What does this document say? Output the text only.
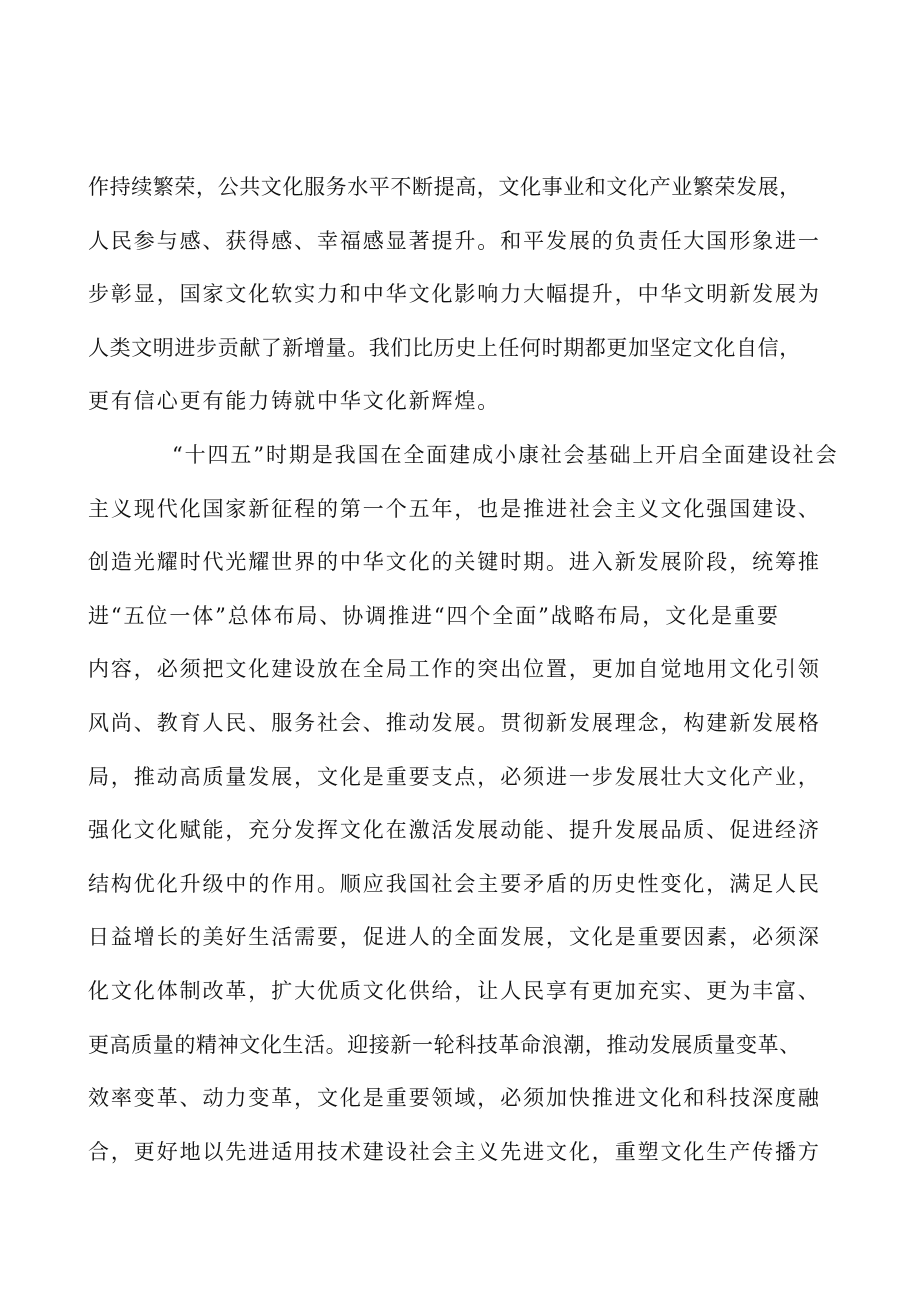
作持续繁荣，公共文化服务水平不断提高，文化事业和文化产业繁荣发展，
人民参与感、获得感、幸福感显著提升。和平发展的负责任大国形象进一
步彰显，国家文化软实力和中华文化影响力大幅提升，中华文明新发展为
人类文明进步贡献了新增量。我们比历史上任何时期都更加坚定文化自信，
更有信心更有能力铸就中华文化新辉煌。
“十四五”时期是我国在全面建成小康社会基础上开启全面建设社会
主义现代化国家新征程的第一个五年，也是推进社会主义文化强国建设、
创造光耀时代光耀世界的中华文化的关键时期。进入新发展阶段，统筹推
进“五位一体”总体布局、协调推进“四个全面”战略布局，文化是重要
内容，必须把文化建设放在全局工作的突出位置，更加自觉地用文化引领
风尚、教育人民、服务社会、推动发展。贯彻新发展理念，构建新发展格
局，推动高质量发展，文化是重要支点，必须进一步发展壮大文化产业，
强化文化赋能，充分发挥文化在激活发展动能、提升发展品质、促进经济
结构优化升级中的作用。顺应我国社会主要矛盾的历史性变化，满足人民
日益增长的美好生活需要，促进人的全面发展，文化是重要因素，必须深
化文化体制改革，扩大优质文化供给，让人民享有更加充实、更为丰富、
更高质量的精神文化生活。迎接新一轮科技革命浪潮，推动发展质量变革、
效率变革、动力变革，文化是重要领域，必须加快推进文化和科技深度融
合，更好地以先进适用技术建设社会主义先进文化，重塑文化生产传播方
